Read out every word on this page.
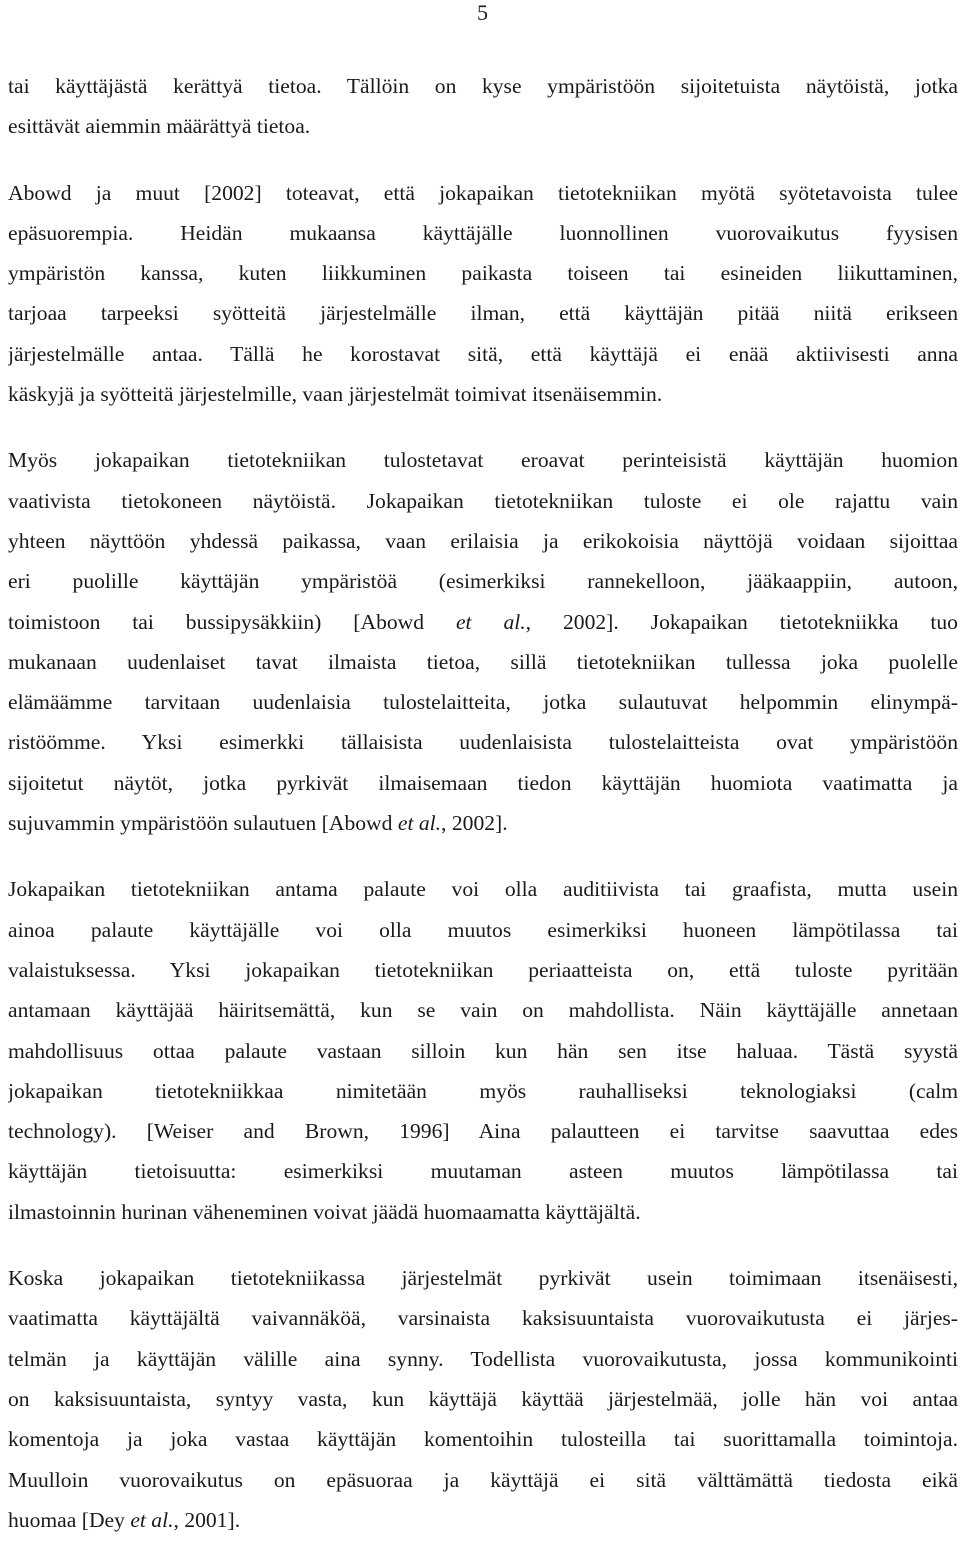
5
tai käyttäjästä kerättyä tietoa. Tällöin on kyse ympäristöön sijoitetuista näytöistä, jotka
esittävät aiemmin määrättyä tietoa.
Abowd ja muut [2002] toteavat, että jokapaikan tietotekniikan myötä syötetavoista tulee
epäsuorempia. Heidän mukaansa käyttäjälle luonnollinen vuorovaikutus fyysisen
ympäristön kanssa, kuten liikkuminen paikasta toiseen tai esineiden liikuttaminen,
tarjoaa tarpeeksi syötteitä järjestelmälle ilman, että käyttäjän pitää niitä erikseen
järjestelmälle antaa. Tällä he korostavat sitä, että käyttäjä ei enää aktiivisesti anna
käskyjä ja syötteitä järjestelmille, vaan järjestelmät toimivat itsenäisemmin.
Myös jokapaikan tietotekniikan tulostetavat eroavat perinteisistä käyttäjän huomion
vaativista tietokoneen näytöistä. Jokapaikan tietotekniikan tuloste ei ole rajattu vain
yhteen näyttöön yhdessä paikassa, vaan erilaisia ja erikokoisia näyttöjä voidaan sijoittaa
eri puolille käyttäjän ympäristöä (esimerkiksi rannekelloon, jääkaappiin, autoon,
toimistoon tai bussipysäkkiin) [Abowd et al., 2002]. Jokapaikan tietotekniikka tuo
mukanaan uudenlaiset tavat ilmaista tietoa, sillä tietotekniikan tullessa joka puolelle
elämäämme tarvitaan uudenlaisia tulostelaitteita, jotka sulautuvat helpommin elinympä-
ristöömme. Yksi esimerkki tällaisista uudenlaisista tulostelaitteista ovat ympäristöön
sijoitetut näytöt, jotka pyrkivät ilmaisemaan tiedon käyttäjän huomiota vaatimatta ja
sujuvammin ympäristöön sulautuen [Abowd et al., 2002].
Jokapaikan tietotekniikan antama palaute voi olla auditiivista tai graafista, mutta usein
ainoa palaute käyttäjälle voi olla muutos esimerkiksi huoneen lämpötilassa tai
valaistuksessa. Yksi jokapaikan tietotekniikan periaatteista on, että tuloste pyritään
antamaan käyttäjää häiritsemättä, kun se vain on mahdollista. Näin käyttäjälle annetaan
mahdollisuus ottaa palaute vastaan silloin kun hän sen itse haluaa. Tästä syystä
jokapaikan tietotekniikkaa nimitetään myös rauhalliseksi teknologiaksi (calm
technology). [Weiser and Brown, 1996] Aina palautteen ei tarvitse saavuttaa edes
käyttäjän tietoisuutta: esimerkiksi muutaman asteen muutos lämpötilassa tai
ilmastoinnin hurinan väheneminen voivat jäädä huomaamatta käyttäjältä.
Koska jokapaikan tietotekniikassa järjestelmät pyrkivät usein toimimaan itsenäisesti,
vaatimatta käyttäjältä vaivannäköä, varsinaista kaksisuuntaista vuorovaikutusta ei järjes-
telmän ja käyttäjän välille aina synny. Todellista vuorovaikutusta, jossa kommunikointi
on kaksisuuntaista, syntyy vasta, kun käyttäjä käyttää järjestelmää, jolle hän voi antaa
komentoja ja joka vastaa käyttäjän komentoihin tulosteilla tai suorittamalla toimintoja.
Muulloin vuorovaikutus on epäsuoraa ja käyttäjä ei sitä välttämättä tiedosta eikä
huomaa [Dey et al., 2001].
